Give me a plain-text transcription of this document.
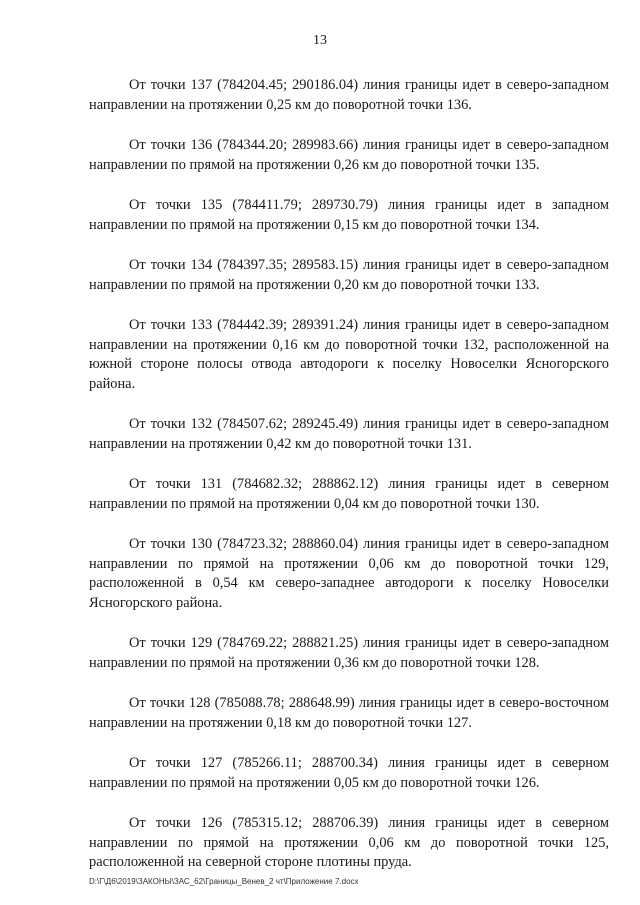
13

От точки 137 (784204.45; 290186.04) линия границы идет в северо-западном направлении на протяжении 0,25 км до поворотной точки 136.

От точки 136 (784344.20; 289983.66) линия границы идет в северо-западном направлении по прямой на протяжении 0,26 км до поворотной точки 135.

От точки 135 (784411.79; 289730.79) линия границы идет в западном направлении по прямой на протяжении 0,15 км до поворотной точки 134.

От точки 134 (784397.35; 289583.15) линия границы идет в северо-западном направлении по прямой на протяжении 0,20 км до поворотной точки 133.

От точки 133 (784442.39; 289391.24) линия границы идет в северо-западном направлении на протяжении 0,16 км до поворотной точки 132, расположенной на южной стороне полосы отвода автодороги к поселку Новоселки Ясногорского района.

От точки 132 (784507.62; 289245.49) линия границы идет в северо-западном направлении на протяжении 0,42 км до поворотной точки 131.

От точки 131 (784682.32; 288862.12) линия границы идет в северном направлении по прямой на протяжении 0,04 км до поворотной точки 130.

От точки 130 (784723.32; 288860.04) линия границы идет в северо-западном направлении по прямой на протяжении 0,06 км до поворотной точки 129, расположенной в 0,54 км северо-западнее автодороги к поселку Новоселки Ясногорского района.

От точки 129 (784769.22; 288821.25) линия границы идет в северо-западном направлении по прямой на протяжении 0,36 км до поворотной точки 128.

От точки 128 (785088.78; 288648.99) линия границы идет в северо-восточном направлении на протяжении 0,18 км до поворотной точки 127.

От точки 127 (785266.11; 288700.34) линия границы идет в северном направлении по прямой на протяжении 0,05 км до поворотной точки 126.

От точки 126 (785315.12; 288706.39) линия границы идет в северном направлении по прямой на протяжении 0,06 км до поворотной точки 125, расположенной на северной стороне плотины пруда.

D:\Г\Д6\2019\ЗАКОНЫ\ЗАС_62\Границы_Венев_2 чт\Приложение 7.docx
